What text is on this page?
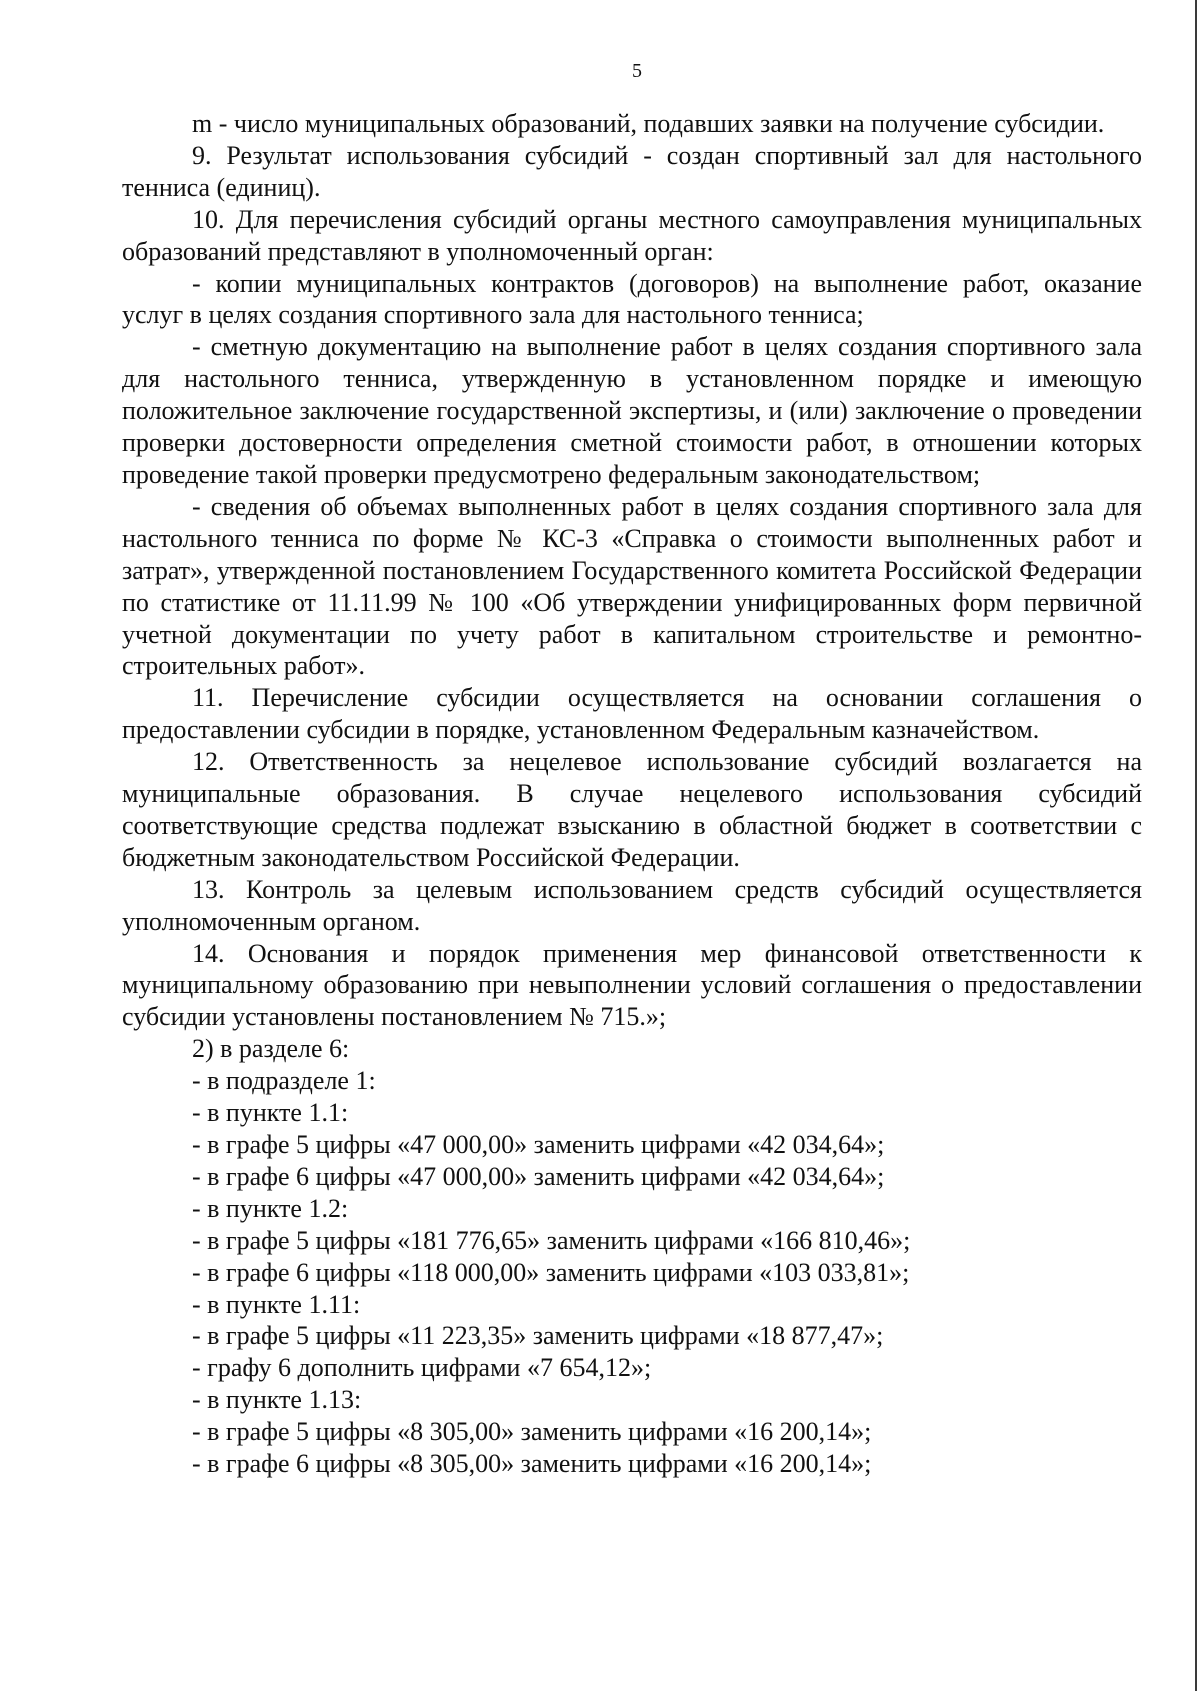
5

m - число муниципальных образований, подавших заявки на получение субсидии.

9. Результат использования субсидий - создан спортивный зал для настольного тенниса (единиц).

10. Для перечисления субсидий органы местного самоуправления муниципальных образований представляют в уполномоченный орган:

- копии муниципальных контрактов (договоров) на выполнение работ, оказание услуг в целях создания спортивного зала для настольного тенниса;

- сметную документацию на выполнение работ в целях создания спортивного зала для настольного тенниса, утвержденную в установленном порядке и имеющую положительное заключение государственной экспертизы, и (или) заключение о проведении проверки достоверности определения сметной стоимости работ, в отношении которых проведение такой проверки предусмотрено федеральным законодательством;

- сведения об объемах выполненных работ в целях создания спортивного зала для настольного тенниса по форме № КС-3 «Справка о стоимости выполненных работ и затрат», утвержденной постановлением Государственного комитета Российской Федерации по статистике от 11.11.99 № 100 «Об утверждении унифицированных форм первичной учетной документации по учету работ в капитальном строительстве и ремонтно-строительных работ».

11. Перечисление субсидии осуществляется на основании соглашения о предоставлении субсидии в порядке, установленном Федеральным казначейством.

12. Ответственность за нецелевое использование субсидий возлагается на муниципальные образования. В случае нецелевого использования субсидий соответствующие средства подлежат взысканию в областной бюджет в соответствии с бюджетным законодательством Российской Федерации.

13. Контроль за целевым использованием средств субсидий осуществляется уполномоченным органом.

14. Основания и порядок применения мер финансовой ответственности к муниципальному образованию при невыполнении условий соглашения о предоставлении субсидии установлены постановлением № 715.»;

2) в разделе 6:

- в подразделе 1:

- в пункте 1.1:

- в графе 5 цифры «47 000,00» заменить цифрами «42 034,64»;

- в графе 6 цифры «47 000,00» заменить цифрами «42 034,64»;

- в пункте 1.2:

- в графе 5 цифры «181 776,65» заменить цифрами «166 810,46»;

- в графе 6 цифры «118 000,00» заменить цифрами «103 033,81»;

- в пункте 1.11:

- в графе 5 цифры «11 223,35» заменить цифрами «18 877,47»;

- графу 6 дополнить цифрами «7 654,12»;

- в пункте 1.13:

- в графе 5 цифры «8 305,00» заменить цифрами «16 200,14»;

- в графе 6 цифры «8 305,00» заменить цифрами «16 200,14»;
